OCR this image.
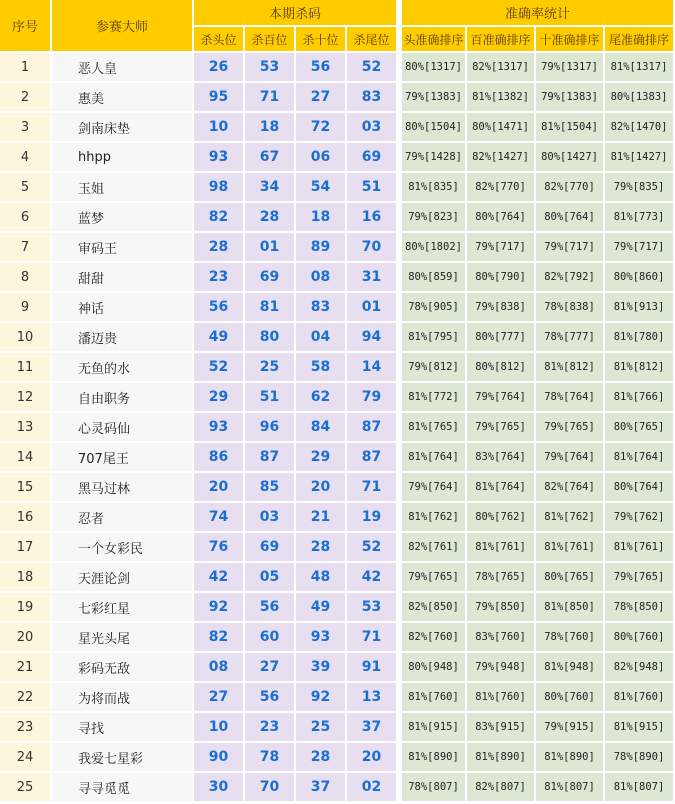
序号	参赛大师	本期杀码				准确率统计			
		杀头位	杀百位	杀十位	杀尾位	头准确排序	百准确排序	十准确排序	尾准确排序
1	恶人皇	26	53	56	52	80%[1317]	82%[1317]	79%[1317]	81%[1317]
2	惠美	95	71	27	83	79%[1383]	81%[1382]	79%[1383]	80%[1383]
3	剑南床垫	10	18	72	03	80%[1504]	80%[1471]	81%[1504]	82%[1470]
4	hhpp	93	67	06	69	79%[1428]	82%[1427]	80%[1427]	81%[1427]
5	玉姐	98	34	54	51	81%[835]	82%[770]	82%[770]	79%[835]
6	蓝梦	82	28	18	16	79%[823]	80%[764]	80%[764]	81%[773]
7	审码王	28	01	89	70	80%[1802]	79%[717]	79%[717]	79%[717]
8	甜甜	23	69	08	31	80%[859]	80%[790]	82%[792]	80%[860]
9	神话	56	81	83	01	78%[905]	79%[838]	78%[838]	81%[913]
10	潘迈贵	49	80	04	94	81%[795]	80%[777]	78%[777]	81%[780]
11	无鱼的水	52	25	58	14	79%[812]	80%[812]	81%[812]	81%[812]
12	自由职务	29	51	62	79	81%[772]	79%[764]	78%[764]	81%[766]
13	心灵码仙	93	96	84	87	81%[765]	79%[765]	79%[765]	80%[765]
14	707尾王	86	87	29	87	81%[764]	83%[764]	79%[764]	81%[764]
15	黑马过林	20	85	20	71	79%[764]	81%[764]	82%[764]	80%[764]
16	忍者	74	03	21	19	81%[762]	80%[762]	81%[762]	79%[762]
17	一个女彩民	76	69	28	52	82%[761]	81%[761]	81%[761]	81%[761]
18	天涯论剑	42	05	48	42	79%[765]	78%[765]	80%[765]	79%[765]
19	七彩红星	92	56	49	53	82%[850]	79%[850]	81%[850]	78%[850]
20	星光头尾	82	60	93	71	82%[760]	83%[760]	78%[760]	80%[760]
21	彩码无敌	08	27	39	91	80%[948]	79%[948]	81%[948]	82%[948]
22	为将而战	27	56	92	13	81%[760]	81%[760]	80%[760]	81%[760]
23	寻找	10	23	25	37	81%[915]	83%[915]	79%[915]	81%[915]
24	我爱七星彩	90	78	28	20	81%[890]	81%[890]	81%[890]	78%[890]
25	寻寻觅觅	30	70	37	02	78%[807]	82%[807]	81%[807]	81%[807]
